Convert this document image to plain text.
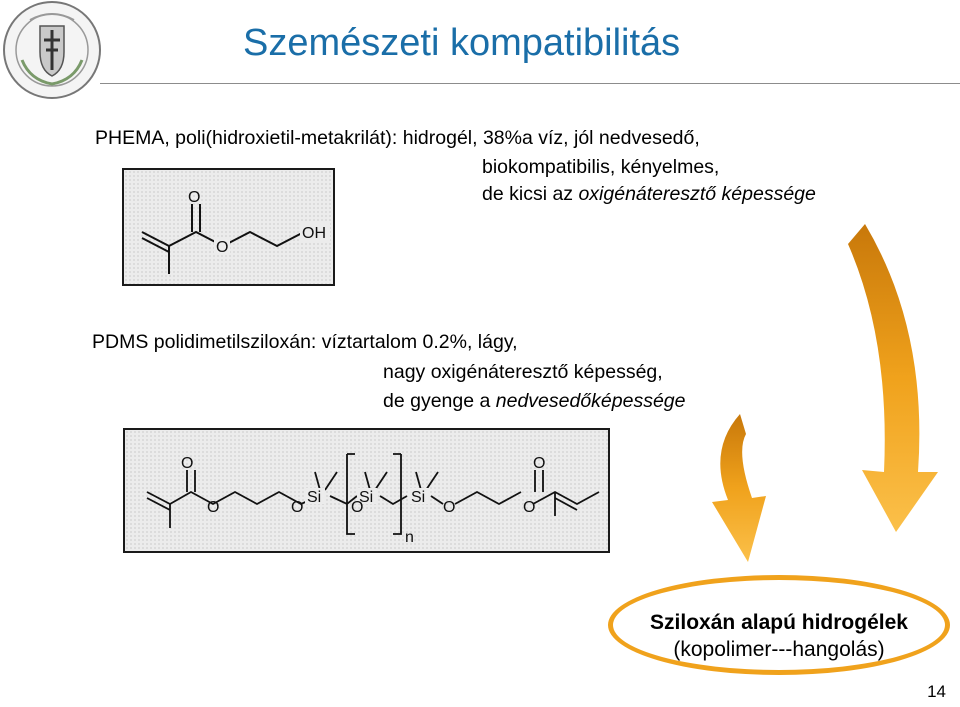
Szemészeti kompatibilitás
PHEMA, poli(hidroxietil-metakrilát): hidrogél, 38%a víz, jól nedvesedő,
biokompatibilis, kényelmes,
de kicsi az oxigénáteresztő képessége
O
O
OH
PDMS polidimetilsziloxán: víztartalom 0.2%, lágy,
nagy oxigénáteresztő képesség,
de gyenge a nedvesedőképessége
Si Si Si
O	O	O	O	O
O	O
n
Sziloxán alapú hidrogélek
(kopolimer---hangolás)
14
